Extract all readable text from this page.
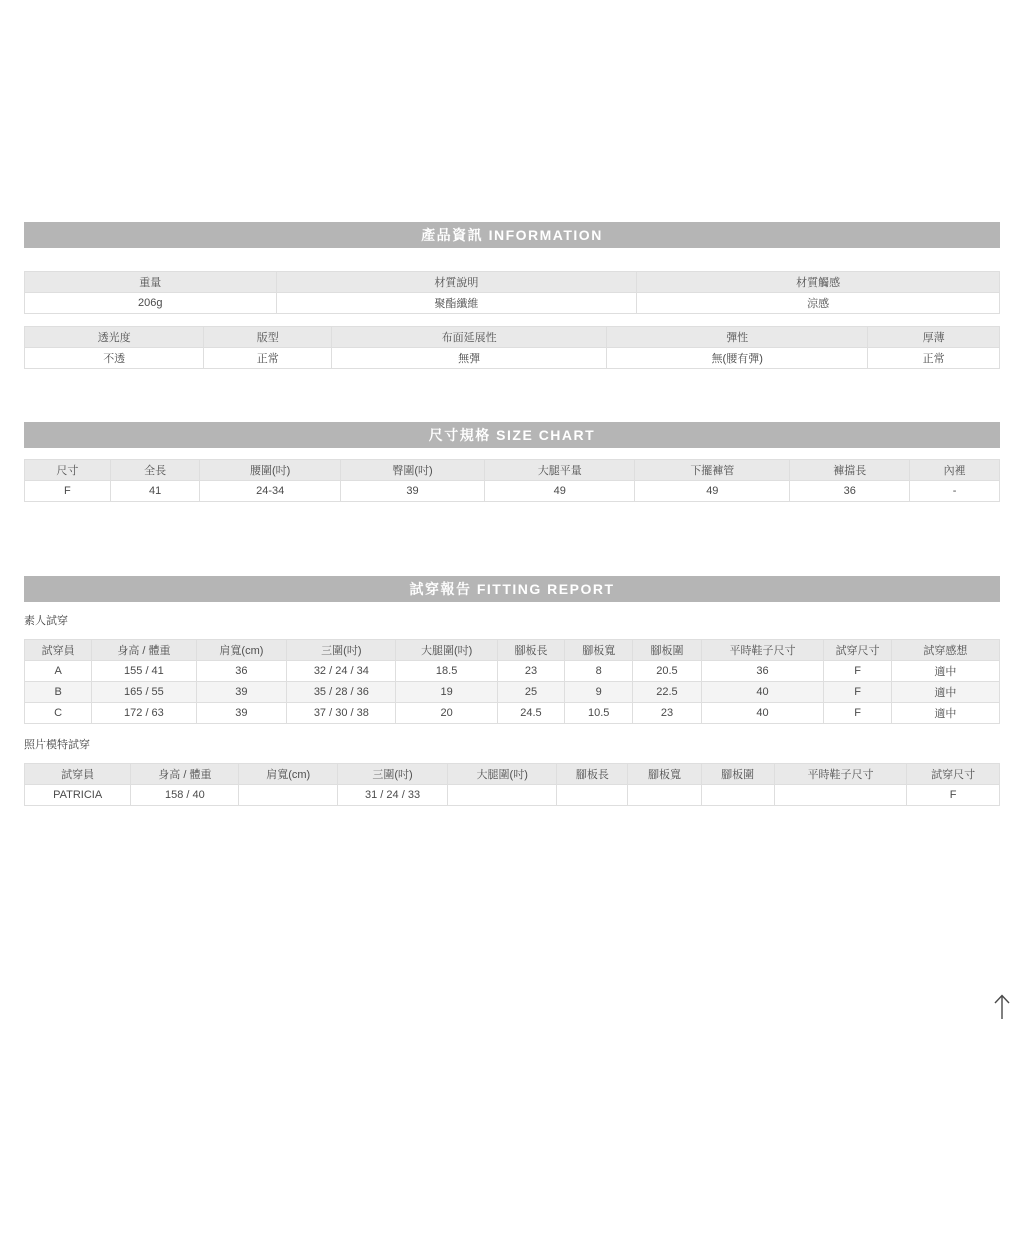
產品資訊 INFORMATION
重量	材質說明	材質觸感
206g	聚酯纖維	涼感
透光度	版型	布面延展性	彈性	厚薄
不透	正常	無彈	無(腰有彈)	正常
尺寸規格 SIZE CHART
尺寸	全長	腰圍(吋)	臀圍(吋)	大腿平量	下擺褲管	褲擋長	內裡
F	41	24-34	39	49	49	36	-
試穿報告 FITTING REPORT
素人試穿
試穿員	身高 / 體重	肩寬(cm)	三圍(吋)	大腿圍(吋)	腳板長	腳板寬	腳板圍	平時鞋子尺寸	試穿尺寸	試穿感想
A	155 / 41	36	32 / 24 / 34	18.5	23	8	20.5	36	F	適中
B	165 / 55	39	35 / 28 / 36	19	25	9	22.5	40	F	適中
C	172 / 63	39	37 / 30 / 38	20	24.5	10.5	23	40	F	適中
照片模特試穿
試穿員	身高 / 體重	肩寬(cm)	三圍(吋)	大腿圍(吋)	腳板長	腳板寬	腳板圍	平時鞋子尺寸	試穿尺寸
PATRICIA	158 / 40		31 / 24 / 33						F
